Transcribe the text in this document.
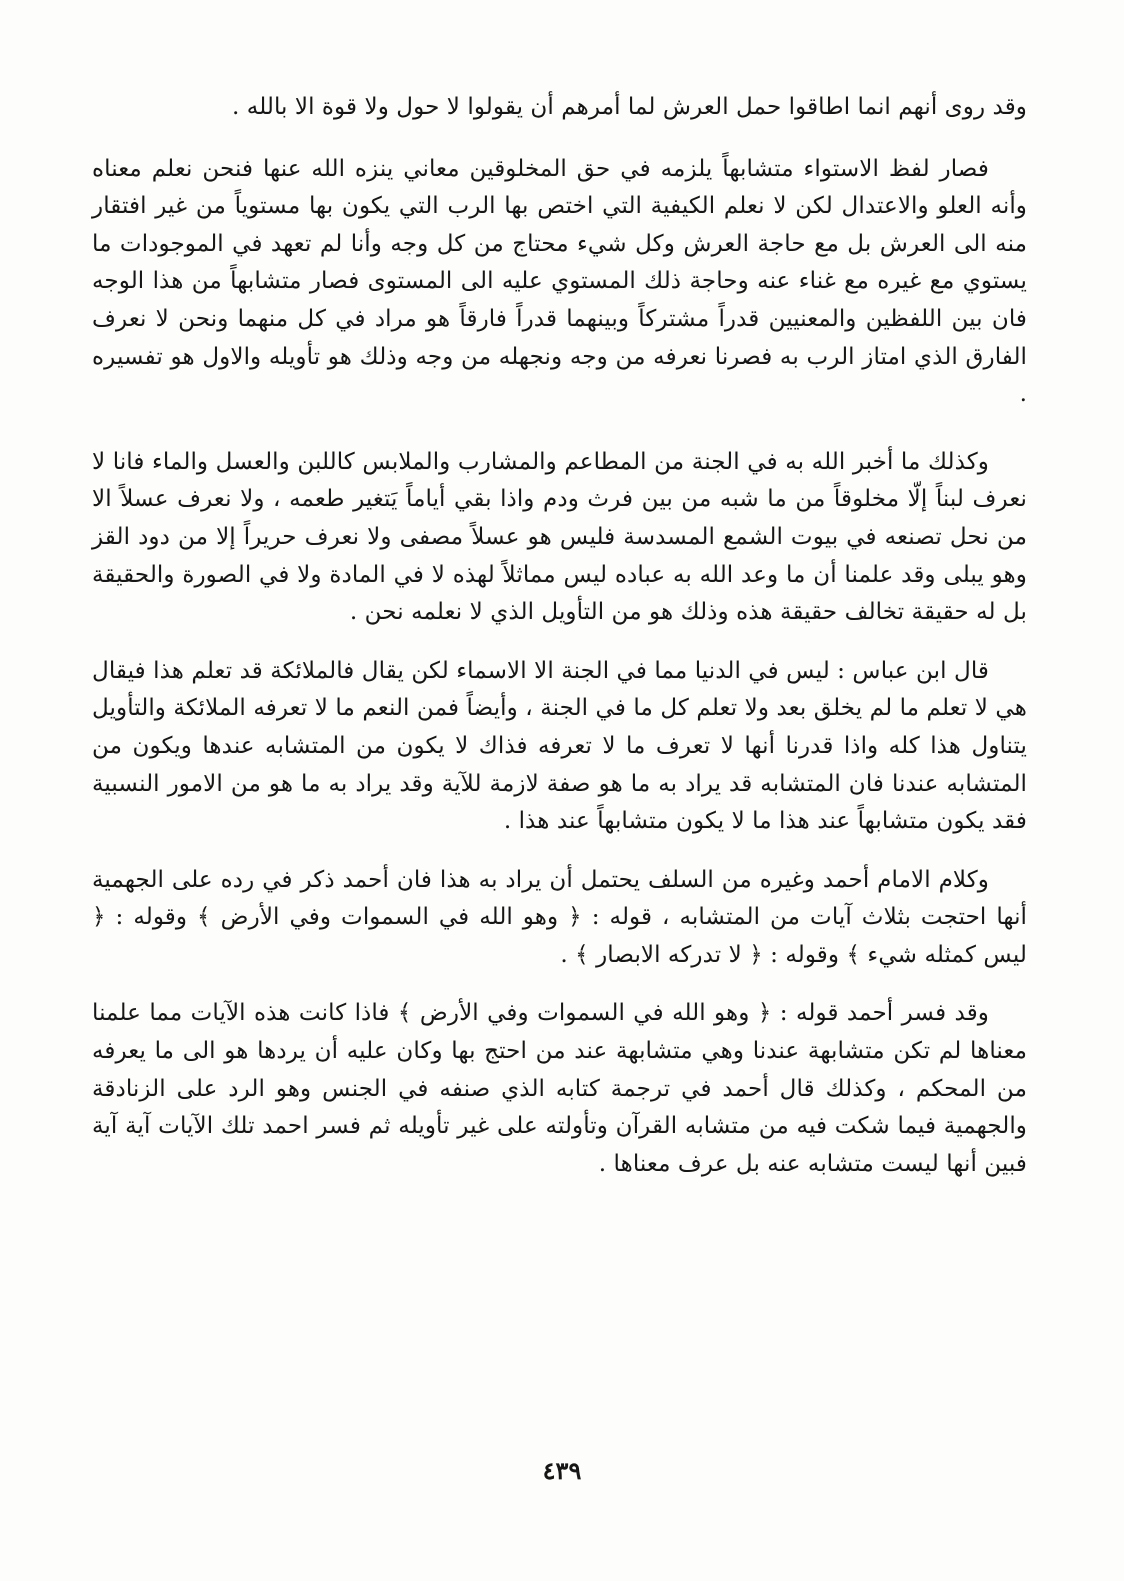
وقد روى أنهم انما اطاقوا حمل العرش لما أمرهم أن يقولوا لا حول ولا قوة الا بالله .

فصار لفظ الاستواء متشابهاً يلزمه في حق المخلوقين معاني ينزه الله عنها فنحن نعلم معناه وأنه العلو والاعتدال لكن لا نعلم الكيفية التي اختص بها الرب التي يكون بها مستوياً من غير افتقار منه الى العرش بل مع حاجة العرش وكل شيء محتاج من كل وجه وأنا لم تعهد في الموجودات ما يستوي مع غيره مع غناء عنه وحاجة ذلك المستوي عليه الى المستوى فصار متشابهاً من هذا الوجه فان بين اللفظين والمعنيين قدراً مشتركاً وبينهما قدراً فارقاً هو مراد في كل منهما ونحن لا نعرف الفارق الذي امتاز الرب به فصرنا نعرفه من وجه ونجهله من وجه وذلك هو تأويله والاول هو تفسيره .

وكذلك ما أخبر الله به في الجنة من المطاعم والمشارب والملابس كاللبن والعسل والماء فانا لا نعرف لبناً إلّا مخلوقاً من ما شبه من بين فرث ودم واذا بقي أياماً يَتغير طعمه ، ولا نعرف عسلاً الا من نحل تصنعه في بيوت الشمع المسدسة فليس هو عسلاً مصفى ولا نعرف حريراً إلا من دود القز وهو يبلى وقد علمنا أن ما وعد الله به عباده ليس مماثلاً لهذه لا في المادة ولا في الصورة والحقيقة بل له حقيقة تخالف حقيقة هذه وذلك هو من التأويل الذي لا نعلمه نحن .

قال ابن عباس : ليس في الدنيا مما في الجنة الا الاسماء لكن يقال فالملائكة قد تعلم هذا فيقال هي لا تعلم ما لم يخلق بعد ولا تعلم كل ما في الجنة ، وأيضاً فمن النعم ما لا تعرفه الملائكة والتأويل يتناول هذا كله واذا قدرنا أنها لا تعرف ما لا تعرفه فذاك لا يكون من المتشابه عندها ويكون من المتشابه عندنا فان المتشابه قد يراد به ما هو صفة لازمة للآية وقد يراد به ما هو من الامور النسبية فقد يكون متشابهاً عند هذا ما لا يكون متشابهاً عند هذا .

وكلام الامام أحمد وغيره من السلف يحتمل أن يراد به هذا فان أحمد ذكر في رده على الجهمية أنها احتجت بثلاث آيات من المتشابه ، قوله : ﴿ وهو الله في السموات وفي الأرض ﴾ وقوله : ﴿ ليس كمثله شيء ﴾ وقوله : ﴿ لا تدركه الابصار ﴾ .

وقد فسر أحمد قوله : ﴿ وهو الله في السموات وفي الأرض ﴾ فاذا كانت هذه الآيات مما علمنا معناها لم تكن متشابهة عندنا وهي متشابهة عند من احتج بها وكان عليه أن يردها هو الى ما يعرفه من المحكم ، وكذلك قال أحمد في ترجمة كتابه الذي صنفه في الجنس وهو الرد على الزنادقة والجهمية فيما شكت فيه من متشابه القرآن وتأولته على غير تأويله ثم فسر احمد تلك الآيات آية آية فبين أنها ليست متشابه عنه بل عرف معناها .

٤٣٩
